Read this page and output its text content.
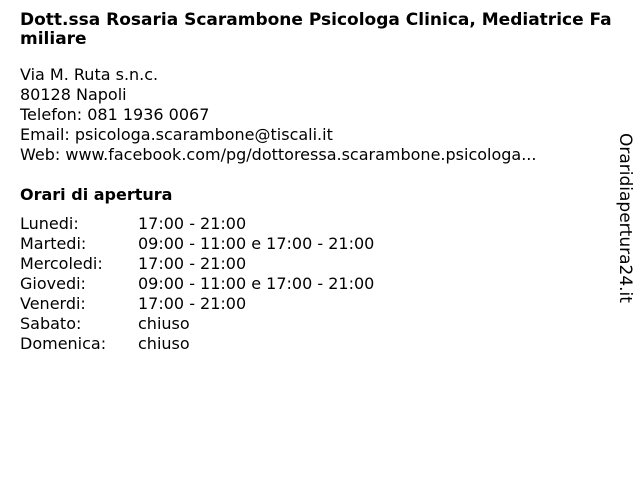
Dott.ssa Rosaria Scarambone Psicologa Clinica, Mediatrice Familiare
Via M. Ruta s.n.c.
80128 Napoli
Telefon: 081 1936 0067
Email: psicologa.scarambone@tiscali.it
Web: www.facebook.com/pg/dottoressa.scarambone.psicologa...
Orari di apertura
Lunedi:	17:00 - 21:00
Martedi:	09:00 - 11:00 e 17:00 - 21:00
Mercoledi: 17:00 - 21:00
Giovedi:	09:00 - 11:00 e 17:00 - 21:00
Venerdi:	17:00 - 21:00
Sabato:	chiuso
Domenica: chiuso
Oraridiapertura24.it
